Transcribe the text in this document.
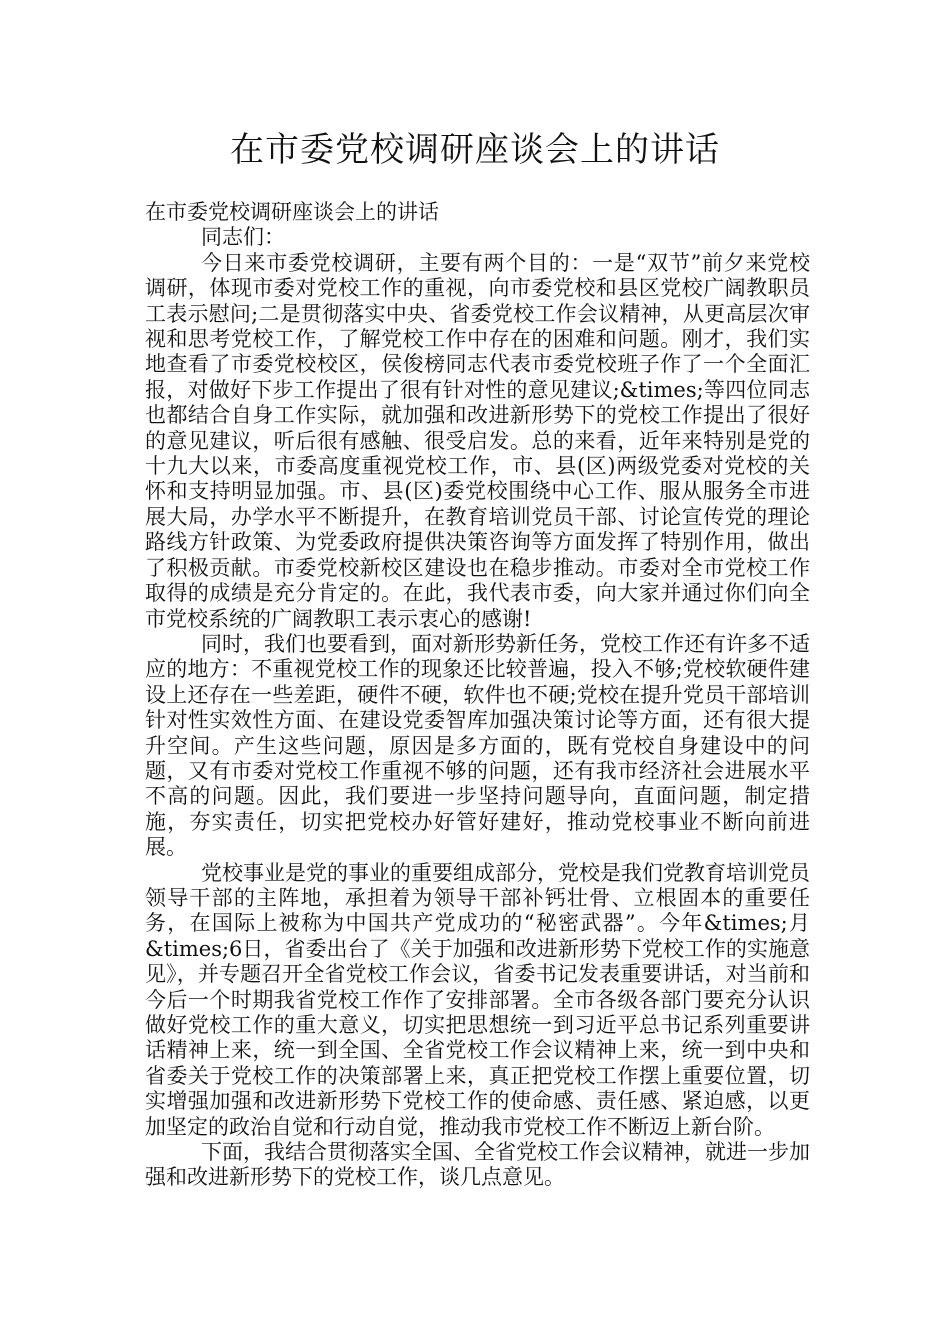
在市委党校调研座谈会上的讲话

在市委党校调研座谈会上的讲话

同志们：

今日来市委党校调研，主要有两个目的：一是“双节”前夕来党校调研，体现市委对党校工作的重视，向市委党校和县区党校广阔教职员工表示慰问;二是贯彻落实中央、省委党校工作会议精神，从更高层次审视和思考党校工作，了解党校工作中存在的困难和问题。刚才，我们实地查看了市委党校校区，侯俊榜同志代表市委党校班子作了一个全面汇报，对做好下步工作提出了很有针对性的意见建议;&times;等四位同志也都结合自身工作实际，就加强和改进新形势下的党校工作提出了很好的意见建议，听后很有感触、很受启发。总的来看，近年来特别是党的十九大以来，市委高度重视党校工作，市、县(区)两级党委对党校的关怀和支持明显加强。市、县(区)委党校围绕中心工作、服从服务全市进展大局，办学水平不断提升，在教育培训党员干部、讨论宣传党的理论路线方针政策、为党委政府提供决策咨询等方面发挥了特别作用，做出了积极贡献。市委党校新校区建设也在稳步推动。市委对全市党校工作取得的成绩是充分肯定的。在此，我代表市委，向大家并通过你们向全市党校系统的广阔教职工表示衷心的感谢!

同时，我们也要看到，面对新形势新任务，党校工作还有许多不适应的地方：不重视党校工作的现象还比较普遍，投入不够;党校软硬件建设上还存在一些差距，硬件不硬，软件也不硬;党校在提升党员干部培训针对性实效性方面、在建设党委智库加强决策讨论等方面，还有很大提升空间。产生这些问题，原因是多方面的，既有党校自身建设中的问题，又有市委对党校工作重视不够的问题，还有我市经济社会进展水平不高的问题。因此，我们要进一步坚持问题导向，直面问题，制定措施，夯实责任，切实把党校办好管好建好，推动党校事业不断向前进展。

党校事业是党的事业的重要组成部分，党校是我们党教育培训党员领导干部的主阵地，承担着为领导干部补钙壮骨、立根固本的重要任务，在国际上被称为中国共产党成功的“秘密武器”。今年&times;月&times;6日，省委出台了《关于加强和改进新形势下党校工作的实施意见》，并专题召开全省党校工作会议，省委书记发表重要讲话，对当前和今后一个时期我省党校工作作了安排部署。全市各级各部门要充分认识做好党校工作的重大意义，切实把思想统一到习近平总书记系列重要讲话精神上来，统一到全国、全省党校工作会议精神上来，统一到中央和省委关于党校工作的决策部署上来，真正把党校工作摆上重要位置，切实增强加强和改进新形势下党校工作的使命感、责任感、紧迫感，以更加坚定的政治自觉和行动自觉，推动我市党校工作不断迈上新台阶。

下面，我结合贯彻落实全国、全省党校工作会议精神，就进一步加强和改进新形势下的党校工作，谈几点意见。
